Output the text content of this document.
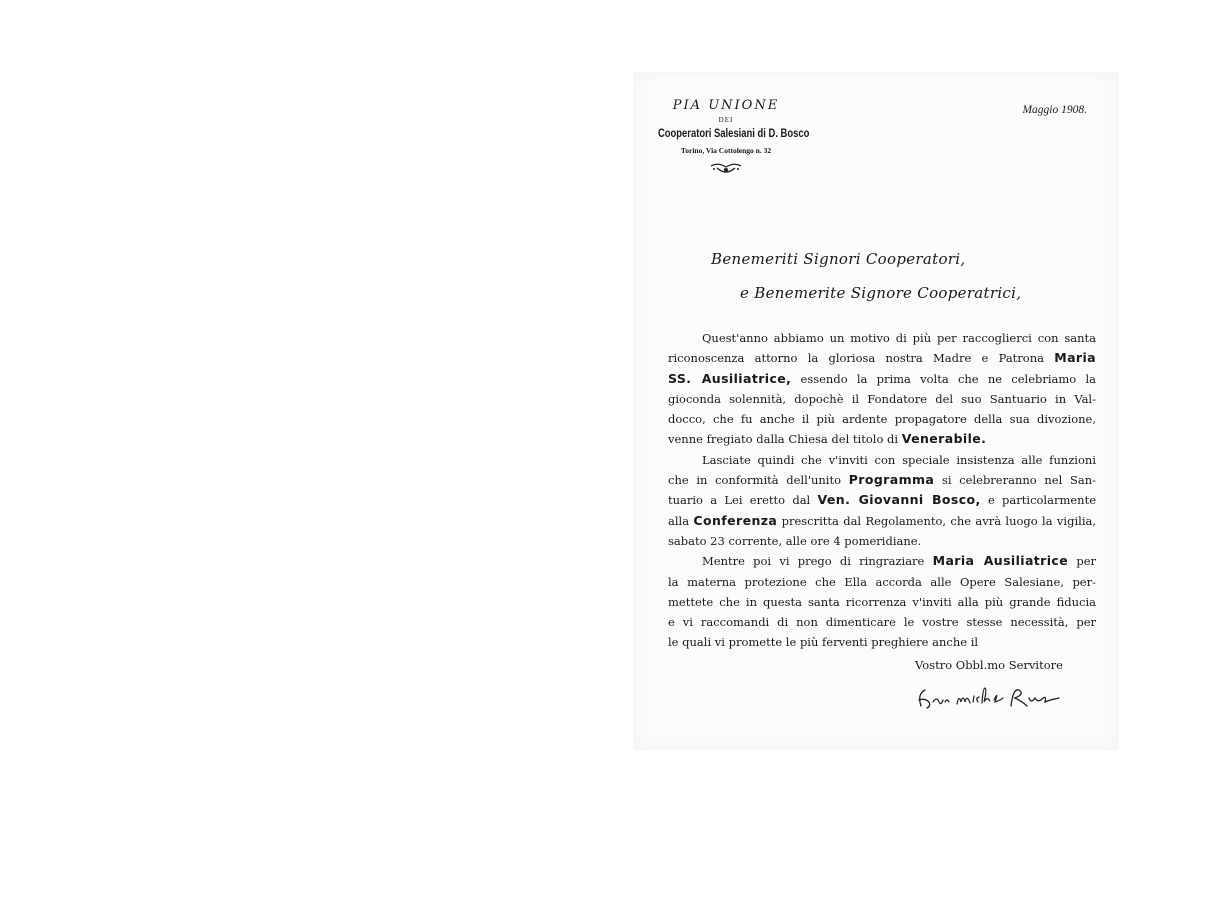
PIA UNIONE
DEI
Cooperatori Salesiani di D. Bosco
Torino, Via Cottolengo n. 32
Maggio 1908.
Benemeriti Signori Cooperatori,
e Benemerite Signore Cooperatrici,
Quest'anno abbiamo un motivo di più per raccoglierci con santa
riconoscenza attorno la gloriosa nostra Madre e Patrona Maria
SS. Ausiliatrice, essendo la prima volta che ne celebriamo la
gioconda solennità, dopochè il Fondatore del suo Santuario in Val-
docco, che fu anche il più ardente propagatore della sua divozione,
venne fregiato dalla Chiesa del titolo di Venerabile.
Lasciate quindi che v'inviti con speciale insistenza alle funzioni
che in conformità dell'unito Programma si celebreranno nel San-
tuario a Lei eretto dal Ven. Giovanni Bosco, e particolarmente
alla Conferenza prescritta dal Regolamento, che avrà luogo la vigilia,
sabato 23 corrente, alle ore 4 pomeridiane.
Mentre poi vi prego di ringraziare Maria Ausiliatrice per
la materna protezione che Ella accorda alle Opere Salesiane, per-
mettete che in questa santa ricorrenza v'inviti alla più grande fiducia
e vi raccomandi di non dimenticare le vostre stesse necessità, per
le quali vi promette le più ferventi preghiere anche il
Vostro Obbl.mo Servitore
